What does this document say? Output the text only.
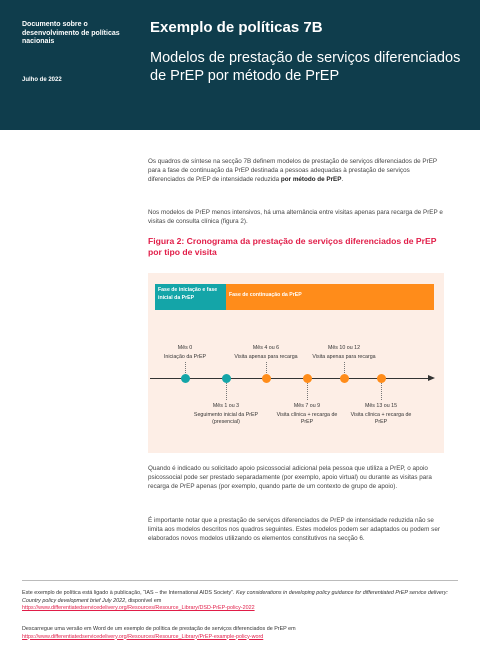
Documento sobre o desenvolvimento de políticas nacionais
Julho de 2022
Exemplo de políticas 7B
Modelos de prestação de serviços diferenciados de PrEP por método de PrEP

Os quadros de síntese na secção 7B definem modelos de prestação de serviços diferenciados de PrEP para a fase de continuação da PrEP destinada a pessoas adequadas à prestação de serviços diferenciados de PrEP de intensidade reduzida por método de PrEP.

Nos modelos de PrEP menos intensivos, há uma alternância entre visitas apenas para recarga de PrEP e visitas de consulta clínica (figura 2).

Figura 2: Cronograma da prestação de serviços diferenciados de PrEP por tipo de visita
Fase de iniciação e fase inicial da PrEP	Fase de continuação da PrEP
Mês 0
Iniciação da PrEP
Mês 1 ou 3
Seguimento inicial da PrEP (presencial)
Mês 4 ou 6
Visita apenas para recarga
Mês 7 ou 9
Visita clínica + recarga de PrEP
Mês 10 ou 12
Visita apenas para recarga
Mês 13 ou 15
Visita clínica + recarga de PrEP

Quando é indicado ou solicitado apoio psicossocial adicional pela pessoa que utiliza a PrEP, o apoio psicossocial pode ser prestado separadamente (por exemplo, apoio virtual) ou durante as visitas para recarga de PrEP apenas (por exemplo, quando parte de um contexto de grupo de apoio).

É importante notar que a prestação de serviços diferenciados de PrEP de intensidade reduzida não se limita aos modelos descritos nos quadros seguintes. Estes modelos podem ser adaptados ou podem ser elaborados novos modelos utilizando os elementos constitutivos na secção 6.

Este exemplo de política está ligado à publicação, “IAS – the International AIDS Society”. Key considerations in developing policy guidance for differentiated PrEP service delivery: Country policy development brief July 2022, disponível em
https://www.differentiatedservicedelivery.org/Resources/Resource_Library/DSD-PrEP-policy-2022

Descarregue uma versão em Word de um exemplo de política de prestação de serviços diferenciados de PrEP em
https://www.differentiatedservicedelivery.org/Resources/Resource_Library/PrEP-example-policy-word
